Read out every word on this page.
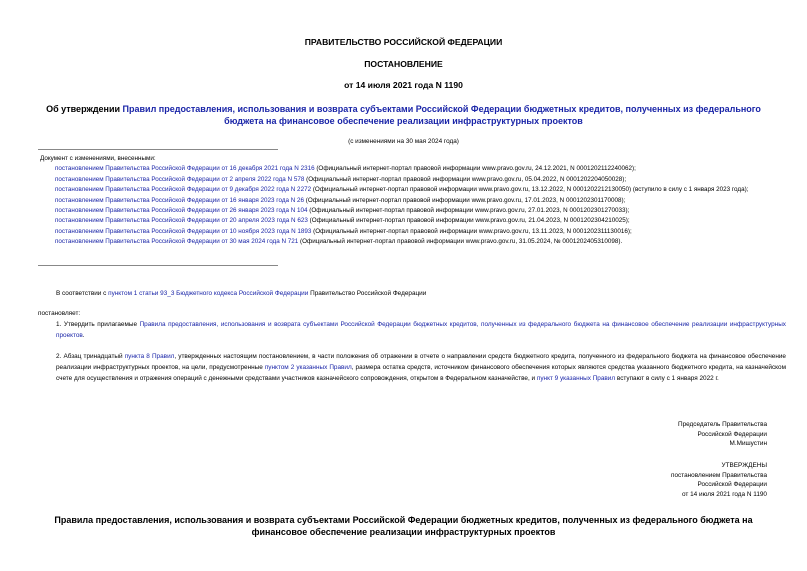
ПРАВИТЕЛЬСТВО РОССИЙСКОЙ ФЕДЕРАЦИИ
ПОСТАНОВЛЕНИЕ
от 14 июля 2021 года N 1190
Об утверждении Правил предоставления, использования и возврата субъектами Российской Федерации бюджетных кредитов, полученных из федерального бюджета на финансовое обеспечение реализации инфраструктурных проектов
(с изменениями на 30 мая 2024 года)
Документ с изменениями, внесенными:
постановлением Правительства Российской Федерации от 16 декабря 2021 года N 2316 (Официальный интернет-портал правовой информации www.pravo.gov.ru, 24.12.2021, N 0001202112240062);
постановлением Правительства Российской Федерации от 2 апреля 2022 года N 578 (Официальный интернет-портал правовой информации www.pravo.gov.ru, 05.04.2022, N 0001202204050028);
постановлением Правительства Российской Федерации от 9 декабря 2022 года N 2272 (Официальный интернет-портал правовой информации www.pravo.gov.ru, 13.12.2022, N 0001202212130050) (вступило в силу с 1 января 2023 года);
постановлением Правительства Российской Федерации от 16 января 2023 года N 26 (Официальный интернет-портал правовой информации www.pravo.gov.ru, 17.01.2023, N 0001202301170008);
постановлением Правительства Российской Федерации от 26 января 2023 года N 104 (Официальный интернет-портал правовой информации www.pravo.gov.ru, 27.01.2023, N 0001202301270033);
постановлением Правительства Российской Федерации от 20 апреля 2023 года N 623 (Официальный интернет-портал правовой информации www.pravo.gov.ru, 21.04.2023, N 0001202304210025);
постановлением Правительства Российской Федерации от 10 ноября 2023 года N 1893 (Официальный интернет-портал правовой информации www.pravo.gov.ru, 13.11.2023, N 0001202311130016);
постановлением Правительства Российской Федерации от 30 мая 2024 года N 721 (Официальный интернет-портал правовой информации www.pravo.gov.ru, 31.05.2024, № 0001202405310098).
В соответствии с пунктом 1 статьи 93_3 Бюджетного кодекса Российской Федерации Правительство Российской Федерации
постановляет:
1. Утвердить прилагаемые Правила предоставления, использования и возврата субъектами Российской Федерации бюджетных кредитов, полученных из федерального бюджета на финансовое обеспечение реализации инфраструктурных проектов.
2. Абзац тринадцатый пункта 8 Правил, утвержденных настоящим постановлением, в части положения об отражении в отчете о направлении средств бюджетного кредита, полученного из федерального бюджета на финансовое обеспечение реализации инфраструктурных проектов, на цели, предусмотренные пунктом 2 указанных Правил, размера остатка средств, источником финансового обеспечения которых являются средства указанного бюджетного кредита, на казначейском счете для осуществления и отражения операций с денежными средствами участников казначейского сопровождения, открытом в Федеральном казначействе, и пункт 9 указанных Правил вступают в силу с 1 января 2022 г.
Председатель Правительства
Российской Федерации
М.Мишустин
УТВЕРЖДЕНЫ
постановлением Правительства
Российской Федерации
от 14 июля 2021 года N 1190
Правила предоставления, использования и возврата субъектами Российской Федерации бюджетных кредитов, полученных из федерального бюджета на финансовое обеспечение реализации инфраструктурных проектов
